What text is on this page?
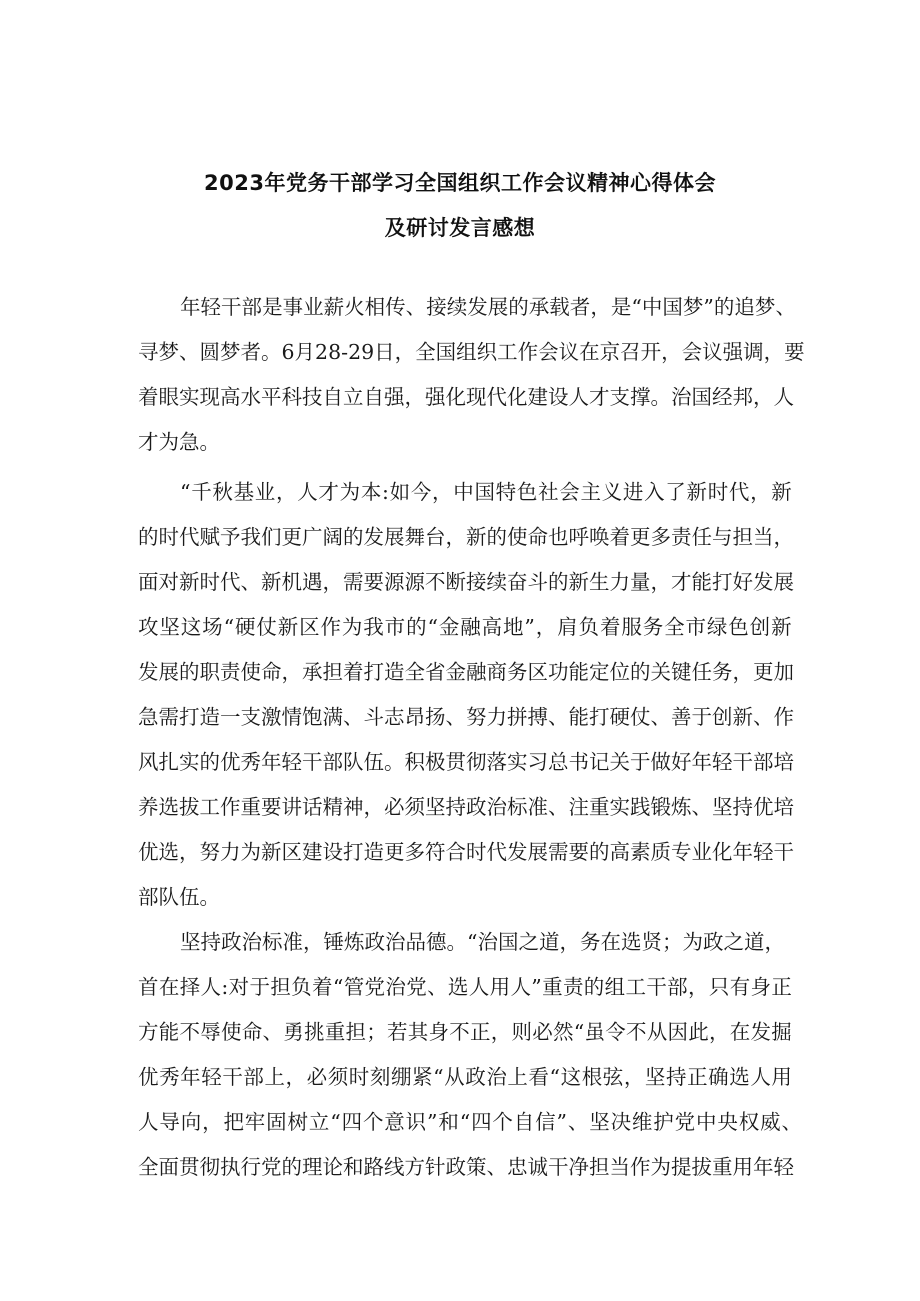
2023年党务干部学习全国组织工作会议精神心得体会
及研讨发言感想
年 轻 干 部 是 事 业 薪 火 相 传 、 接 续 发 展 的 承 载 者 ， 是 “ 中 国 梦 ” 的 追 梦 、
寻 梦 、 圆 梦 者 。 6 月 2 8 - 2 9 日 ， 全 国 组 织 工 作 会 议 在 京 召 开 ， 会 议 强 调 ， 要
着 眼 实 现 高 水 平 科 技 自 立 自 强 ， 强 化 现 代 化 建 设 人 才 支 撑 。 治 国 经 邦 ， 人
才为急。
“ 千 秋 基 业 ， 人 才 为 本 : 如 今 ， 中 国 特 色 社 会 主 义 进 入 了 新 时 代 ， 新
的 时 代 赋 予 我 们 更 广 阔 的 发 展 舞 台 ， 新 的 使 命 也 呼 唤 着 更 多 责 任 与 担 当 ，
面 对 新 时 代 、 新 机 遇 ， 需 要 源 源 不 断 接 续 奋 斗 的 新 生 力 量 ， 才 能 打 好 发 展
攻 坚 这 场 “ 硬 仗 新 区 作 为 我 市 的 “ 金 融 高 地 ” ， 肩 负 着 服 务 全 市 绿 色 创 新
发 展 的 职 责 使 命 ， 承 担 着 打 造 全 省 金 融 商 务 区 功 能 定 位 的 关 键 任 务 ， 更 加
急 需 打 造 一 支 激 情 饱 满 、 斗 志 昂 扬 、 努 力 拼 搏 、 能 打 硬 仗 、 善 于 创 新 、 作
风 扎 实 的 优 秀 年 轻 干 部 队 伍 。 积 极 贯 彻 落 实 习 总 书 记 关 于 做 好 年 轻 干 部 培
养 选 拔 工 作 重 要 讲 话 精 神 ， 必 须 坚 持 政 治 标 准 、 注 重 实 践 锻 炼 、 坚 持 优 培
优 选 ， 努 力 为 新 区 建 设 打 造 更 多 符 合 时 代 发 展 需 要 的 高 素 质 专 业 化 年 轻 干
部队伍。
坚 持 政 治 标 准 ， 锤 炼 政 治 品 德 。 “ 治 国 之 道 ， 务 在 选 贤 ； 为 政 之 道 ，
首 在 择 人 : 对 于 担 负 着 “ 管 党 治 党 、 选 人 用 人 ” 重 责 的 组 工 干 部 ， 只 有 身 正
方 能 不 辱 使 命 、 勇 挑 重 担 ； 若 其 身 不 正 ， 则 必 然 “ 虽 令 不 从 因 此 ， 在 发 掘
优 秀 年 轻 干 部 上 ， 必 须 时 刻 绷 紧 “ 从 政 治 上 看 “ 这 根 弦 ， 坚 持 正 确 选 人 用
人 导 向 ， 把 牢 固 树 立 “ 四 个 意 识 ” 和 “ 四 个 自 信 ” 、 坚 决 维 护 党 中 央 权 威 、
全 面 贯 彻 执 行 党 的 理 论 和 路 线 方 针 政 策 、 忠 诚 干 净 担 当 作 为 提 拔 重 用 年 轻
